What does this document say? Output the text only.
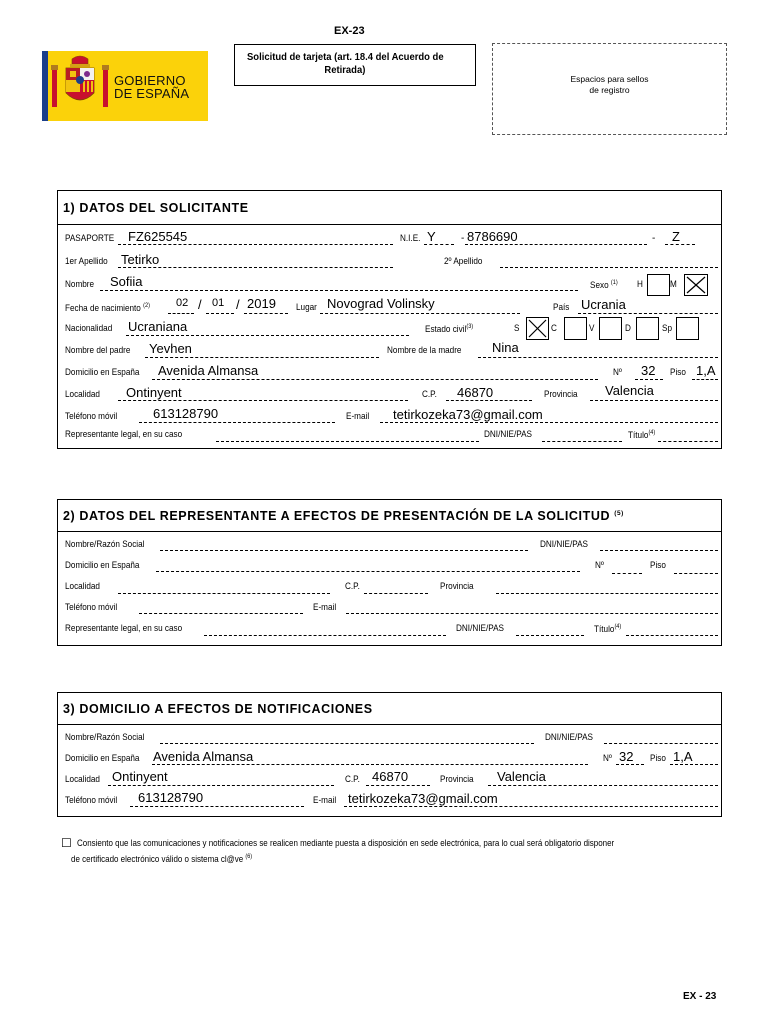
EX-23
GOBIERNO
DE ESPAÑA
Solicitud de tarjeta (art. 18.4 del Acuerdo de
Retirada)
Espacios para sellos
de registro
1) DATOS DEL SOLICITANTE
PASAPORTE FZ625545	N.I.E. Y	- 8786690	- Z
1er Apellido Tetirko	2º Apellido
Nombre Sofiia	Sexo $^{(1)}$ H	M
Fecha de nacimiento $^{(2)}$ 02 / 01 / 2019 Lugar Novograd Volinsky	País Ucrania
Nacionalidad Ucraniana	Estado civil$^{(3)}$	S	C	V	D	Sp
Nombre del padre Yevhen	Nombre de la madre Nina
Domicilio en España Avenida Almansa	Nº 32 Piso 1,A
Localidad Ontinyent	C.P. 46870	Provincia Valencia
Teléfono móvil	613128790	E-mail tetirkozeka73@gmail.com
Representante legal, en su caso	DNI/NIE/PAS	Título$^{(4)}$
2) DATOS DEL REPRESENTANTE A EFECTOS DE PRESENTACIÓN DE LA SOLICITUD $^{(5)}$
Nombre/Razón Social	DNI/NIE/PAS
Domicilio en España	Nº	Piso
Localidad	C.P.	Provincia
Teléfono móvil	E-mail
Representante legal, en su caso	DNI/NIE/PAS	Título$^{(4)}$
3) DOMICILIO A EFECTOS DE NOTIFICACIONES
Nombre/Razón Social	DNI/NIE/PAS
Domicilio en España Avenida Almansa	Nº 32 Piso 1,A
Localidad Ontinyent	C.P. 46870	Provincia Valencia
Teléfono móvil 613128790	E-mail tetirkozeka73@gmail.com
☐ Consiento que las comunicaciones y notificaciones se realicen mediante puesta a disposición en sede electrónica, para lo cual será obligatorio disponer
de certificado electrónico válido o sistema cl@ve $^{(6)}$
EX - 23
